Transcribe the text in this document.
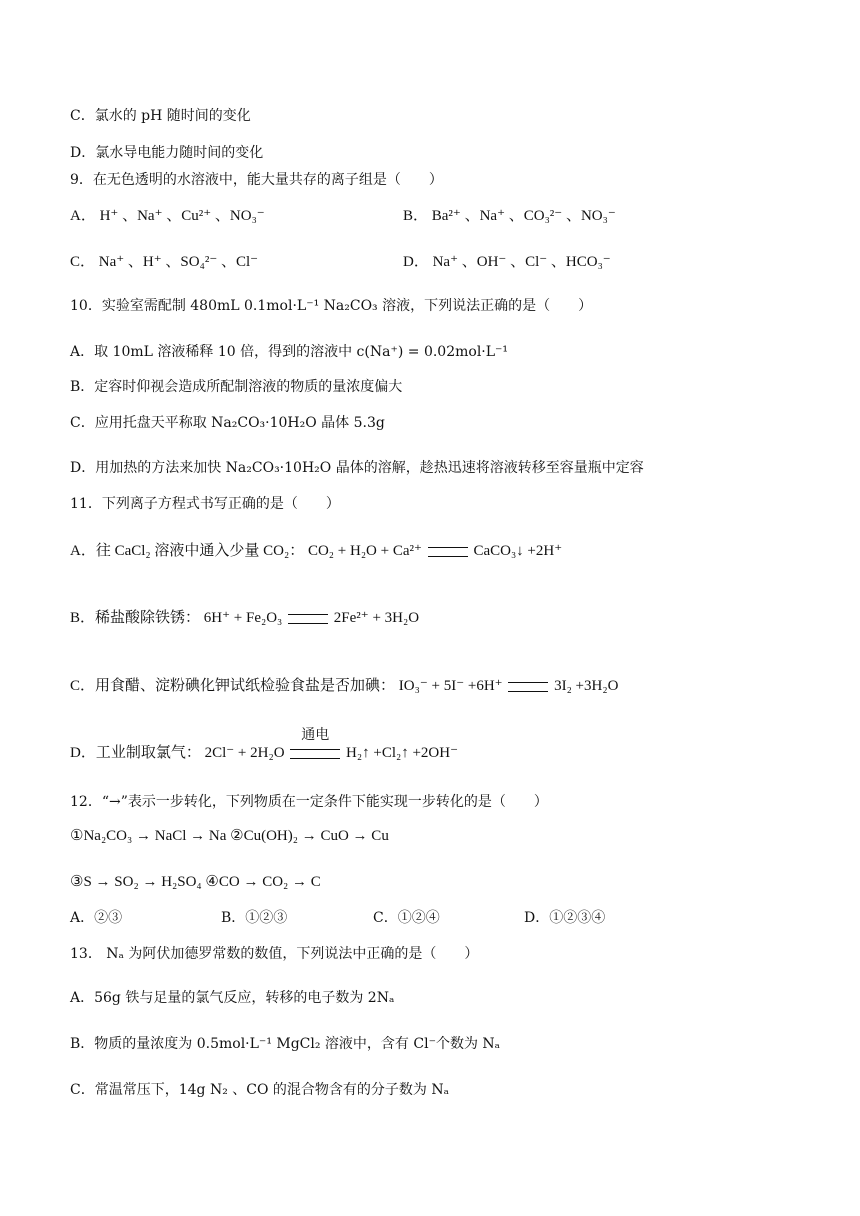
C．氯水的 pH 随时间的变化
D．氯水导电能力随时间的变化
9．在无色透明的水溶液中，能大量共存的离子组是（　　）
A． H⁺ 、Na⁺ 、Cu²⁺ 、NO₃⁻	B． Ba²⁺ 、Na⁺ 、CO₃²⁻ 、NO₃⁻
C． Na⁺ 、H⁺ 、SO₄²⁻ 、Cl⁻	D． Na⁺ 、OH⁻ 、Cl⁻ 、HCO₃⁻
10．实验室需配制 480mL 0.1mol·L⁻¹ Na₂CO₃ 溶液，下列说法正确的是（　　）
A．取 10mL 溶液稀释 10 倍，得到的溶液中 c(Na⁺) = 0.02mol·L⁻¹
B．定容时仰视会造成所配制溶液的物质的量浓度偏大
C．应用托盘天平称取 Na₂CO₃·10H₂O 晶体 5.3g
D．用加热的方法来加快 Na₂CO₃·10H₂O 晶体的溶解，趁热迅速将溶液转移至容量瓶中定容
11．下列离子方程式书写正确的是（　　）
A．往 CaCl₂ 溶液中通入少量 CO₂： CO₂ + H₂O + Ca²⁺	CaCO₃↓ +2H⁺
B．稀盐酸除铁锈： 6H⁺ + Fe₂O₃	2Fe²⁺ + 3H₂O
C．用食醋、淀粉碘化钾试纸检验食盐是否加碘： IO₃⁻ + 5I⁻ +6H⁺	3I₂ +3H₂O
D．工业制取氯气： 2Cl⁻ + 2H₂O
通电
H₂↑ +Cl₂↑ +2OH⁻
12．“→”表示一步转化，下列物质在一定条件下能实现一步转化的是（　　）
①Na₂CO₃ → NaCl → Na ②Cu(OH)₂ → CuO → Cu
③S → SO₂ → H₂SO₄ ④CO → CO₂ → C
A．②③	B．①②③	C．①②④	D．①②③④
13． Nₐ 为阿伏加德罗常数的数值，下列说法中正确的是（　　）
A．56g 铁与足量的氯气反应，转移的电子数为 2Nₐ
B．物质的量浓度为 0.5mol·L⁻¹ MgCl₂ 溶液中，含有 Cl⁻个数为 Nₐ
C．常温常压下，14g N₂ 、CO 的混合物含有的分子数为 Nₐ
